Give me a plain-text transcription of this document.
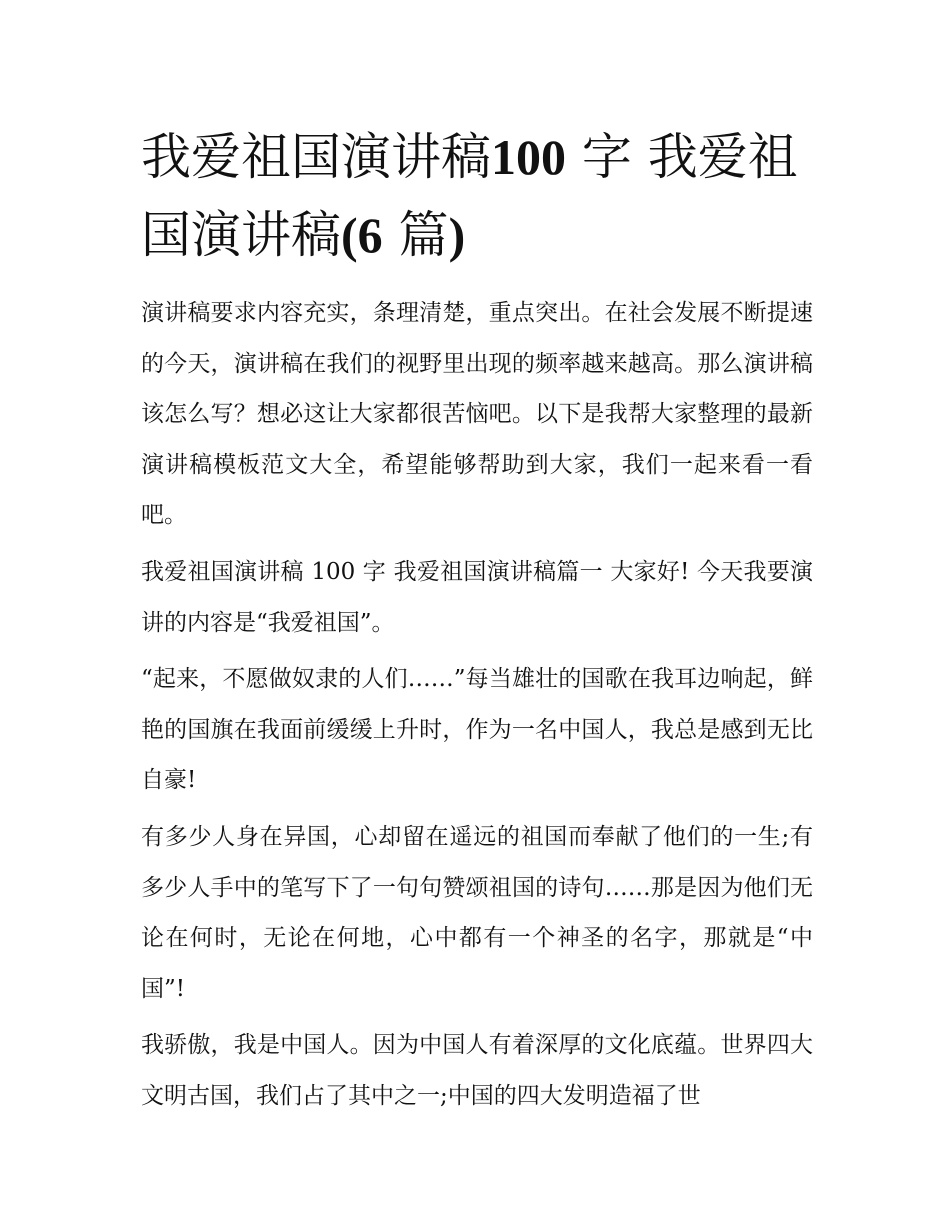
我爱祖国演讲稿100 字 我爱祖国演讲稿(6 篇)

演讲稿要求内容充实，条理清楚，重点突出。在社会发展不断提速的今天，演讲稿在我们的视野里出现的频率越来越高。那么演讲稿该怎么写？想必这让大家都很苦恼吧。以下是我帮大家整理的最新演讲稿模板范文大全，希望能够帮助到大家，我们一起来看一看吧。

我爱祖国演讲稿 100 字 我爱祖国演讲稿篇一 大家好! 今天我要演讲的内容是“我爱祖国”。

“起来，不愿做奴隶的人们……”每当雄壮的国歌在我耳边响起，鲜艳的国旗在我面前缓缓上升时，作为一名中国人，我总是感到无比自豪!

有多少人身在异国，心却留在遥远的祖国而奉献了他们的一生;有多少人手中的笔写下了一句句赞颂祖国的诗句……那是因为他们无论在何时，无论在何地，心中都有一个神圣的名字，那就是“中国”!

我骄傲，我是中国人。因为中国人有着深厚的文化底蕴。世界四大文明古国，我们占了其中之一;中国的四大发明造福了世
